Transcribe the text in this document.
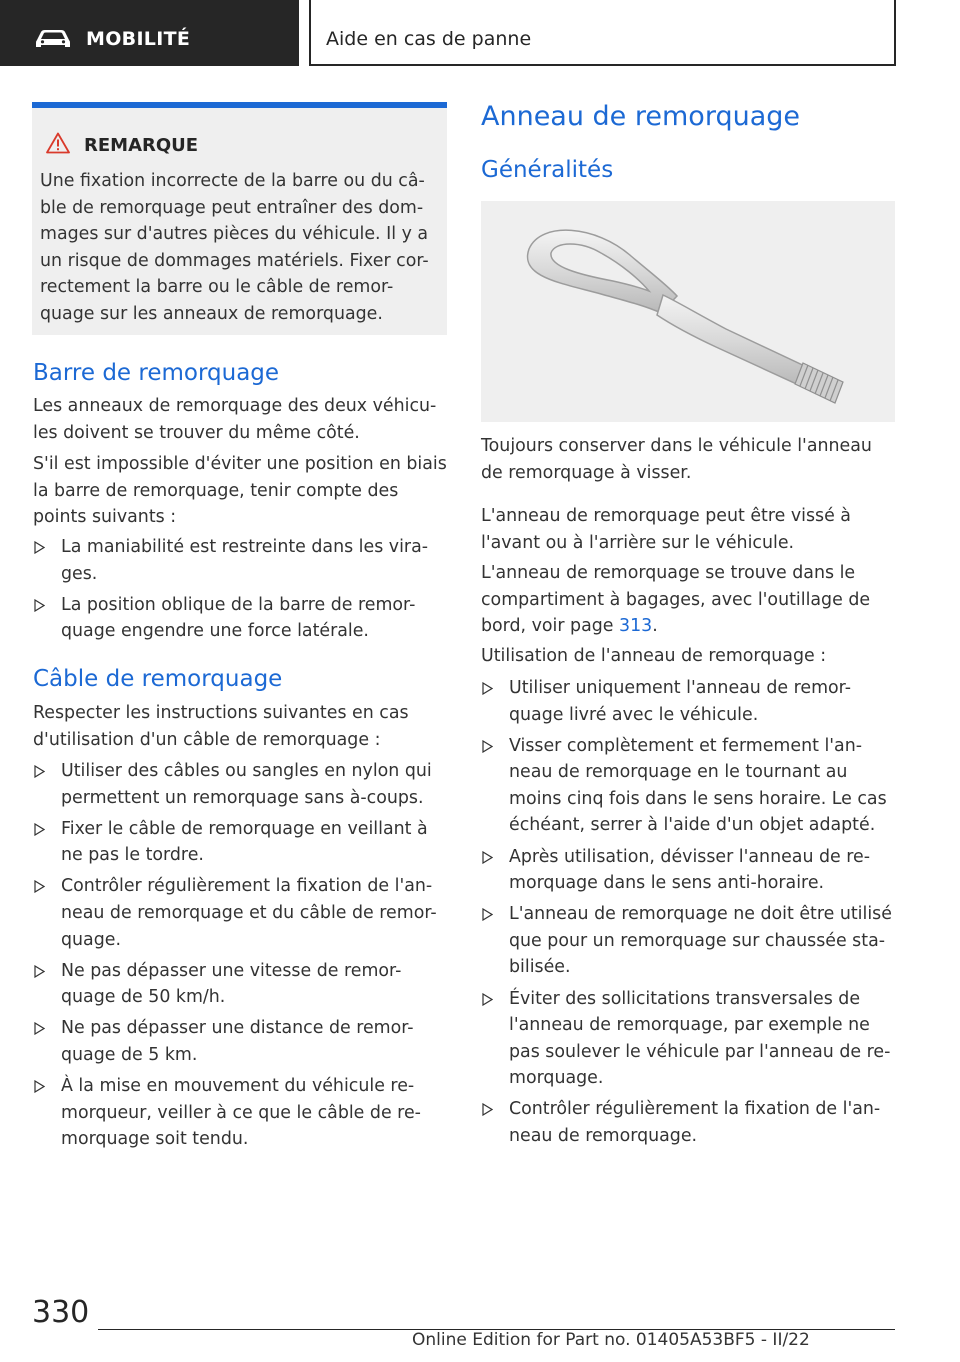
MOBILITÉ	Aide en cas de panne
REMARQUE
Une fixation incorrecte de la barre ou du câ- ble de remorquage peut entraîner des dom- mages sur d'autres pièces du véhicule. Il y a un risque de dommages matériels. Fixer cor- rectement la barre ou le câble de remor- quage sur les anneaux de remorquage.
Barre de remorquage

Les anneaux de remorquage des deux véhicu- les doivent se trouver du même côté.

S'il est impossible d'éviter une position en biais la barre de remorquage, tenir compte des points suivants :

La maniabilité est restreinte dans les vira- ges.
La position oblique de la barre de remor- quage engendre une force latérale.
Câble de remorquage

Respecter les instructions suivantes en cas d'utilisation d'un câble de remorquage :

Utiliser des câbles ou sangles en nylon qui permettent un remorquage sans à-coups.
Fixer le câble de remorquage en veillant à ne pas le tordre.
Contrôler régulièrement la fixation de l'an- neau de remorquage et du câble de remor- quage.
Ne pas dépasser une vitesse de remor- quage de 50 km/h.
Ne pas dépasser une distance de remor- quage de 5 km.
À la mise en mouvement du véhicule re- morqueur, veiller à ce que le câble de re- morquage soit tendu.
Anneau de remorquage
Généralités

Toujours conserver dans le véhicule l'anneau de remorquage à visser.

L'anneau de remorquage peut être vissé à l'avant ou à l'arrière sur le véhicule.

L'anneau de remorquage se trouve dans le compartiment à bagages, avec l'outillage de bord, voir page 313.

Utilisation de l'anneau de remorquage :

Utiliser uniquement l'anneau de remor- quage livré avec le véhicule.
Visser complètement et fermement l'an- neau de remorquage en le tournant au moins cinq fois dans le sens horaire. Le cas échéant, serrer à l'aide d'un objet adapté.
Après utilisation, dévisser l'anneau de re- morquage dans le sens anti-horaire.
L'anneau de remorquage ne doit être utilisé que pour un remorquage sur chaussée sta- bilisée.
Éviter des sollicitations transversales de l'anneau de remorquage, par exemple ne pas soulever le véhicule par l'anneau de re- morquage.
Contrôler régulièrement la fixation de l'an- neau de remorquage.
330
Online Edition for Part no. 01405A53BF5 - II/22
